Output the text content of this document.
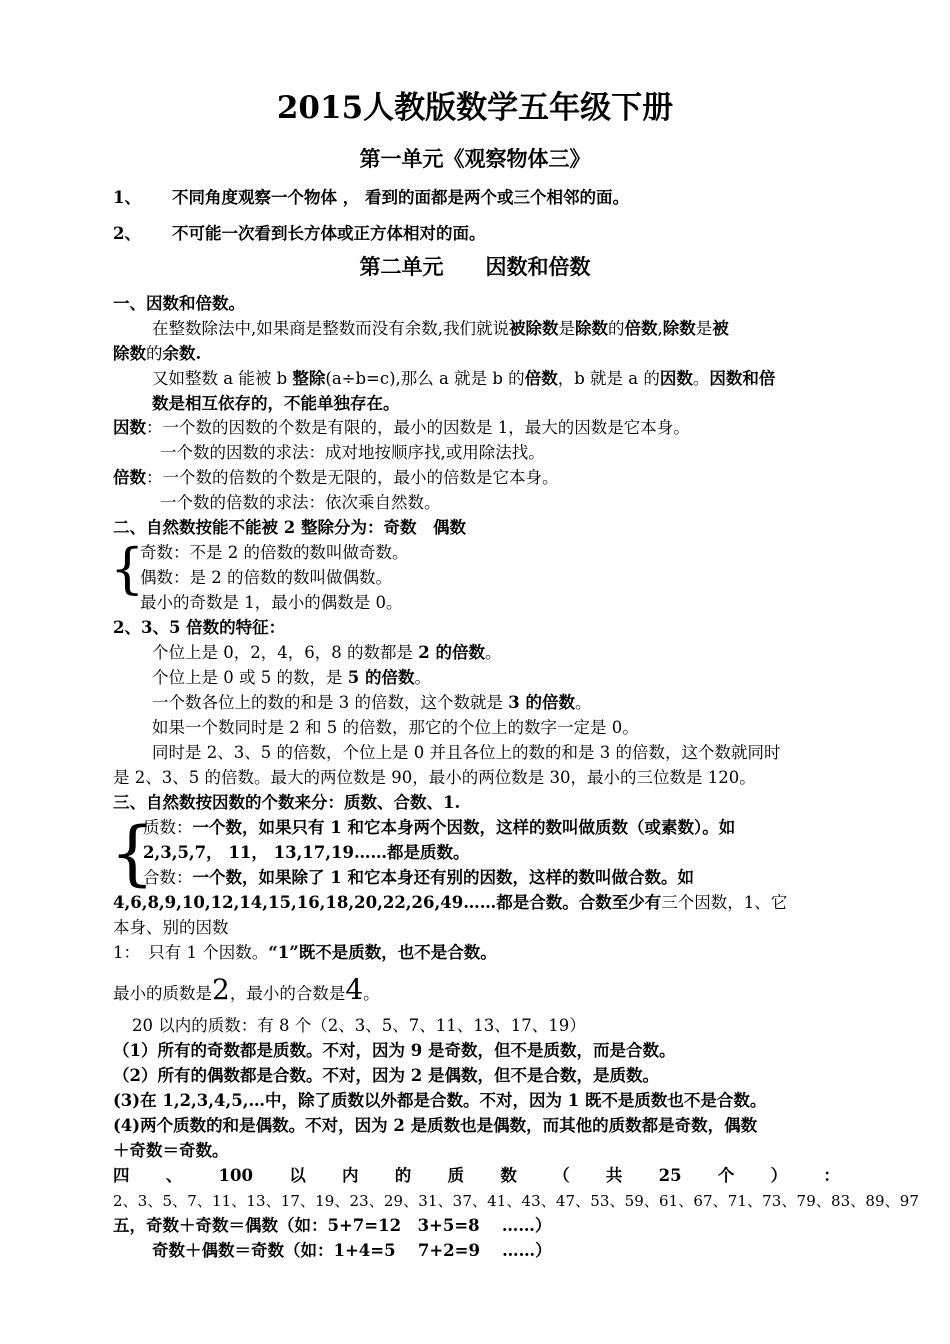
2015人教版数学五年级下册
第一单元《观察物体三》
1、 不同角度观察一个物体 ， 看到的面都是两个或三个相邻的面。
2、 不可能一次看到长方体或正方体相对的面。
第二单元　　因数和倍数
一、因数和倍数。
在整数除法中,如果商是整数而没有余数,我们就说被除数是除数的倍数,除数是被
除数的余数.
又如整数 a 能被 b 整除(a÷b=c),那么 a 就是 b 的倍数，b 就是 a 的因数。因数和倍
数是相互依存的，不能单独存在。
因数：一个数的因数的个数是有限的，最小的因数是 1，最大的因数是它本身。
一个数的因数的求法：成对地按顺序找,或用除法找。
倍数：一个数的倍数的个数是无限的，最小的倍数是它本身。
一个数的倍数的求法：依次乘自然数。
二、自然数按能不能被 2 整除分为：奇数　偶数
{
奇数：不是 2 的倍数的数叫做奇数。
偶数：是 2 的倍数的数叫做偶数。
最小的奇数是 1，最小的偶数是 0。
2、3、5 倍数的特征：
个位上是 0，2，4，6，8 的数都是 2 的倍数。
个位上是 0 或 5 的数，是 5 的倍数。
一个数各位上的数的和是 3 的倍数，这个数就是 3 的倍数。
如果一个数同时是 2 和 5 的倍数，那它的个位上的数字一定是 0。
同时是 2、3、5 的倍数，个位上是 0 并且各位上的数的和是 3 的倍数，这个数就同时
是 2、3、5 的倍数。最大的两位数是 90，最小的两位数是 30，最小的三位数是 120。
三、自然数按因数的个数来分：质数、合数、1.
{
质数：一个数，如果只有 1 和它本身两个因数，这样的数叫做质数（或素数）。如
2,3,5,7， 11， 13,17,19……都是质数。
合数：一个数，如果除了 1 和它本身还有别的因数，这样的数叫做合数。如
4,6,8,9,10,12,14,15,16,18,20,22,26,49……都是合数。合数至少有三个因数，1、它
本身、别的因数
1：　只有 1 个因数。“1”既不是质数，也不是合数。
最小的质数是2，最小的合数是4。
20 以内的质数：有 8 个（2、3、5、7、11、13、17、19）
（1）所有的奇数都是质数。不对，因为 9 是奇数，但不是质数，而是合数。
（2）所有的偶数都是合数。不对，因为 2 是偶数，但不是合数，是质数。
(3)在 1,2,3,4,5,…中，除了质数以外都是合数。不对，因为 1 既不是质数也不是合数。
(4)两个质数的和是偶数。不对，因为 2 是质数也是偶数，而其他的质数都是奇数，偶数
＋奇数＝奇数。
四 、 100 以 内 的 质 数 （ 共 25 个 ） ：
2、3、5、7、11、13、17、19、23、29、31、37、41、43、47、53、59、61、67、71、73、79、83、89、97
五，奇数＋奇数＝偶数（如：5+7=12　3+5=8　 ……）
奇数＋偶数＝奇数（如：1+4=5　 7+2=9　 ……）
